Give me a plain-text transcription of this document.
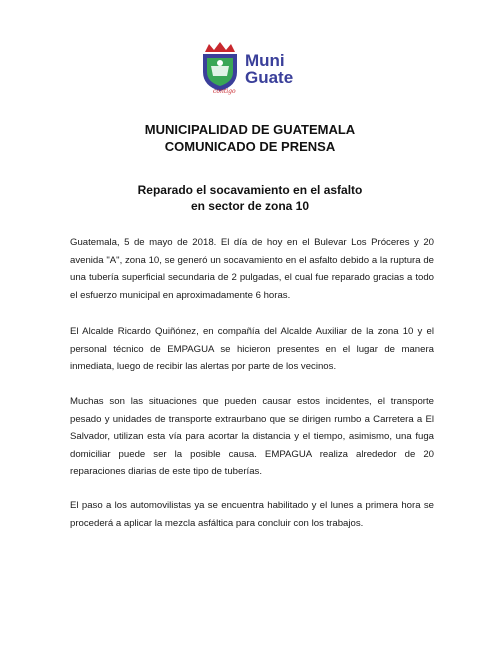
Muni
Guate
contigo
MUNICIPALIDAD DE GUATEMALA
COMUNICADO DE PRENSA
Reparado el socavamiento en el asfalto
en sector de zona 10

Guatemala, 5 de mayo de 2018. El día de hoy en el Bulevar Los Próceres y 20 avenida "A", zona 10, se generó un socavamiento en el asfalto debido a la ruptura de una tubería superficial secundaria de 2 pulgadas, el cual fue reparado gracias a todo el esfuerzo municipal en aproximadamente 6 horas.

El Alcalde Ricardo Quiñónez, en compañía del Alcalde Auxiliar de la zona 10 y el personal técnico de EMPAGUA se hicieron presentes en el lugar de manera inmediata, luego de recibir las alertas por parte de los vecinos.

Muchas son las situaciones que pueden causar estos incidentes, el transporte pesado y unidades de transporte extraurbano que se dirigen rumbo a Carretera a El Salvador, utilizan esta vía para acortar la distancia y el tiempo, asimismo, una fuga domiciliar puede ser la posible causa. EMPAGUA realiza alrededor de 20 reparaciones diarias de este tipo de tuberías.

El paso a los automovilistas ya se encuentra habilitado y el lunes a primera hora se procederá a aplicar la mezcla asfáltica para concluir con los trabajos.
